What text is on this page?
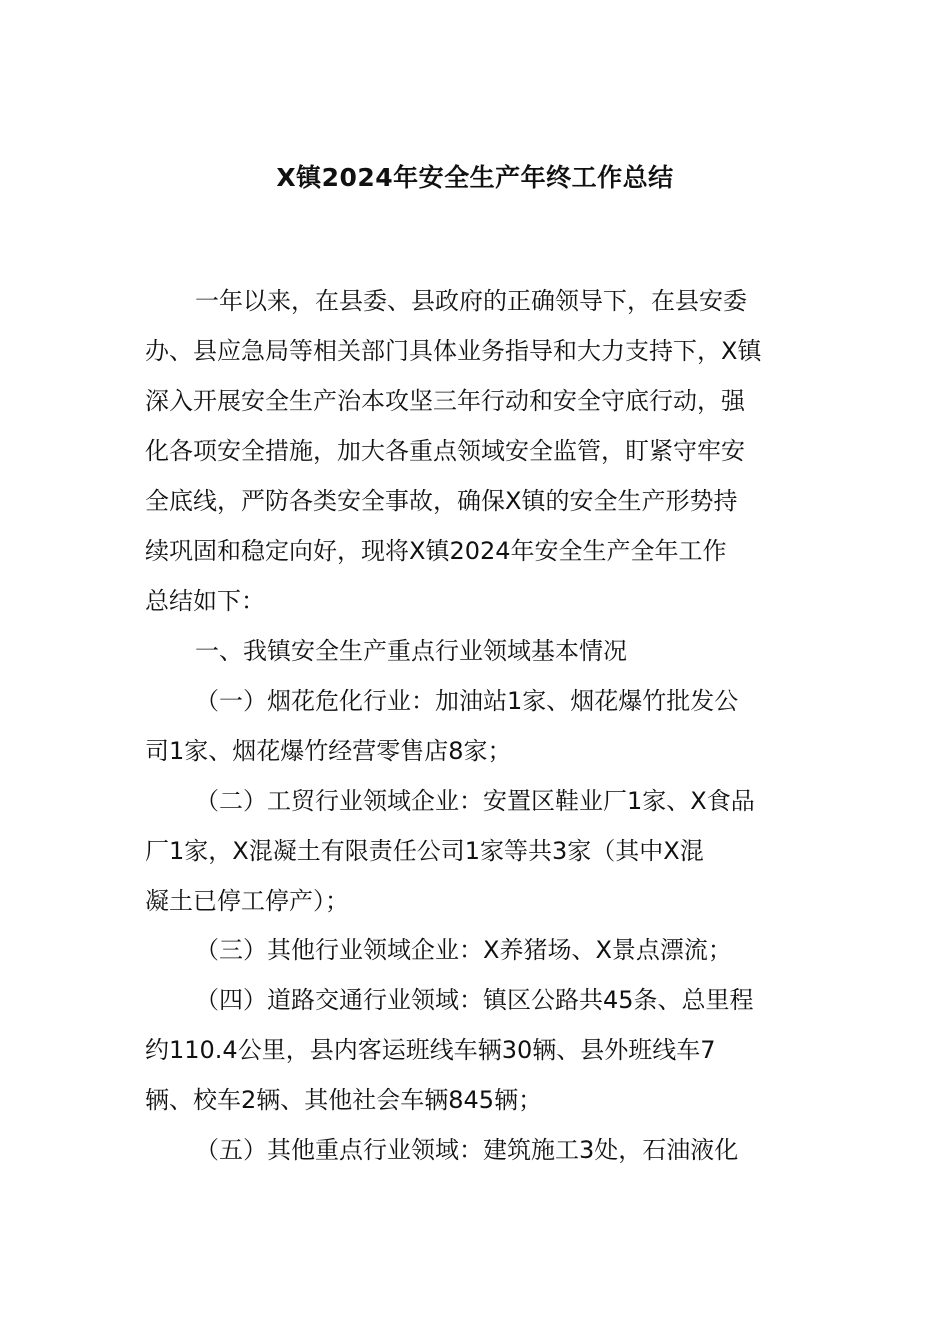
X镇2024年安全生产年终工作总结
一年以来，在县委、县政府的正确领导下，在县安委
办、县应急局等相关部门具体业务指导和大力支持下，X镇
深入开展安全生产治本攻坚三年行动和安全守底行动，强
化各项安全措施，加大各重点领域安全监管，盯紧守牢安
全底线，严防各类安全事故，确保X镇的安全生产形势持
续巩固和稳定向好，现将X镇2024年安全生产全年工作
总结如下：
一、我镇安全生产重点行业领域基本情况
（一）烟花危化行业：加油站1家、烟花爆竹批发公
司1家、烟花爆竹经营零售店8家；
（二）工贸行业领域企业：安置区鞋业厂1家、X食品
厂1家，X混凝土有限责任公司1家等共3家（其中X混
凝土已停工停产）；
（三）其他行业领域企业：X养猪场、X景点漂流；
（四）道路交通行业领域：镇区公路共45条、总里程
约110.4公里，县内客运班线车辆30辆、县外班线车7
辆、校车2辆、其他社会车辆845辆；
（五）其他重点行业领域：建筑施工3处，石油液化
